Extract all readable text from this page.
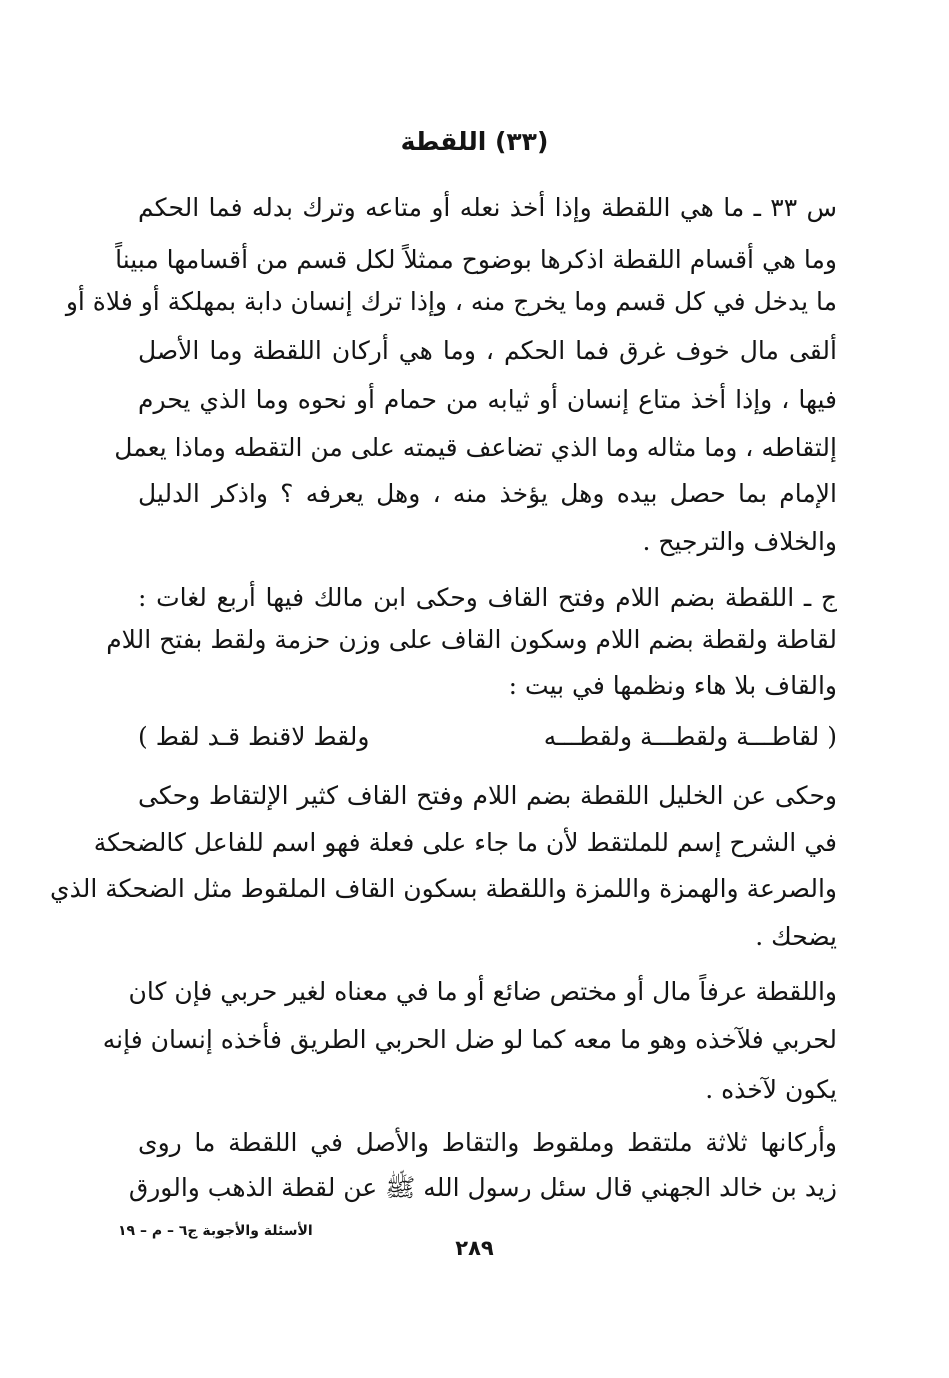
(٣٣) اللقطة
س ٣٣ ـ ما هي اللقطة وإذا أخذ نعله أو متاعه وترك بدله فما الحكم
وما هي أقسام اللقطة اذكرها بوضوح ممثلاً لكل قسم من أقسامها مبيناً
ما يدخل في كل قسم وما يخرج منه ، وإذا ترك إنسان دابة بمهلكة أو فلاة أو
ألقى مال خوف غرق فما الحكم ، وما هي أركان اللقطة وما الأصل
فيها ، وإذا أخذ متاع إنسان أو ثيابه من حمام أو نحوه وما الذي يحرم
إلتقاطه ، وما مثاله وما الذي تضاعف قيمته على من التقطه وماذا يعمل
الإمام بما حصل بيده وهل يؤخذ منه ، وهل يعرفه ؟ واذكر الدليل
والخلاف والترجيح .
ج ـ اللقطة بضم اللام وفتح القاف وحكى ابن مالك فيها أربع لغات :
لقاطة ولقطة بضم اللام وسكون القاف على وزن حزمة ولقط بفتح اللام
والقاف بلا هاء ونظمها في بيت :
( لقاطـــة ولقطـــة ولقطـــه
ولقط لاقنط قـد لقط )
وحكى عن الخليل اللقطة بضم اللام وفتح القاف كثير الإلتقاط وحكى
في الشرح إسم للملتقط لأن ما جاء على فعلة فهو اسم للفاعل كالضحكة
والصرعة والهمزة واللمزة واللقطة بسكون القاف الملقوط مثل الضحكة الذي
يضحك .
واللقطة عرفاً مال أو مختص ضائع أو ما في معناه لغير حربي فإن كان
لحربي فلآخذه وهو ما معه كما لو ضل الحربي الطريق فأخذه إنسان فإنه
يكون لآخذه .
وأركانها ثلاثة ملتقط وملقوط والتقاط والأصل في اللقطة ما روى
زيد بن خالد الجهني قال سئل رسول الله ﷺ عن لقطة الذهب والورق
الأسئلة والأجوبة ج٦ – م – ١٩
٢٨٩
